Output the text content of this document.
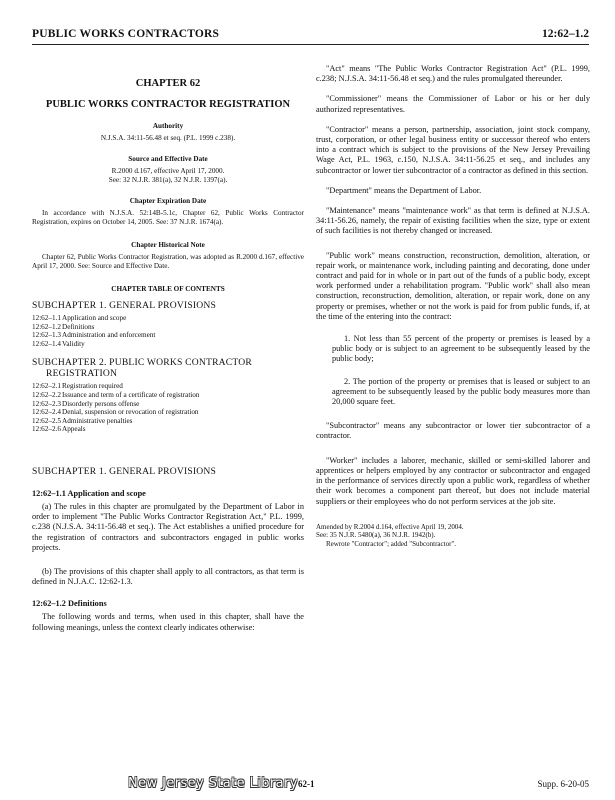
PUBLIC WORKS CONTRACTORS	12:62–1.2
CHAPTER 62
PUBLIC WORKS CONTRACTOR REGISTRATION
Authority
N.J.S.A. 34:11-56.48 et seq. (P.L. 1999 c.238).
Source and Effective Date
R.2000 d.167, effective April 17, 2000.
See: 32 N.J.R. 381(a), 32 N.J.R. 1397(a).
Chapter Expiration Date
In accordance with N.J.S.A. 52:14B-5.1c, Chapter 62, Public Works Contractor Registration, expires on October 14, 2005. See: 37 N.J.R. 1674(a).
Chapter Historical Note
Chapter 62, Public Works Contractor Registration, was adopted as R.2000 d.167, effective April 17, 2000. See: Source and Effective Date.
CHAPTER TABLE OF CONTENTS
SUBCHAPTER 1. GENERAL PROVISIONS
12:62–1.1 Application and scope
12:62–1.2 Definitions
12:62–1.3 Administration and enforcement
12:62–1.4 Validity
SUBCHAPTER 2. PUBLIC WORKS CONTRACTOR
REGISTRATION
12:62–2.1 Registration required
12:62–2.2 Issuance and term of a certificate of registration
12:62–2.3 Disorderly persons offense
12:62–2.4 Denial, suspension or revocation of registration
12:62–2.5 Administrative penalties
12:62–2.6 Appeals
SUBCHAPTER 1. GENERAL PROVISIONS
12:62–1.1 Application and scope

(a) The rules in this chapter are promulgated by the Department of Labor in order to implement "The Public Works Contractor Registration Act," P.L. 1999, c.238 (N.J.S.A. 34:11-56.48 et seq.). The Act establishes a unified procedure for the registration of contractors and subcontractors engaged in public works projects.

(b) The provisions of this chapter shall apply to all contractors, as that term is defined in N.J.A.C. 12:62-1.3.

12:62–1.2 Definitions

The following words and terms, when used in this chapter, shall have the following meanings, unless the context clearly indicates otherwise:

"Act" means "The Public Works Contractor Registration Act" (P.L. 1999, c.238; N.J.S.A. 34:11-56.48 et seq.) and the rules promulgated thereunder.

"Commissioner" means the Commissioner of Labor or his or her duly authorized representatives.

"Contractor" means a person, partnership, association, joint stock company, trust, corporation, or other legal business entity or successor thereof who enters into a contract which is subject to the provisions of the New Jersey Prevailing Wage Act, P.L. 1963, c.150, N.J.S.A. 34:11-56.25 et seq., and includes any subcontractor or lower tier subcontractor of a contractor as defined in this section.

"Department" means the Department of Labor.

"Maintenance" means "maintenance work" as that term is defined at N.J.S.A. 34:11-56.26, namely, the repair of existing facilities when the size, type or extent of such facilities is not thereby changed or increased.

"Public work" means construction, reconstruction, demolition, alteration, or repair work, or maintenance work, including painting and decorating, done under contract and paid for in whole or in part out of the funds of a public body, except work performed under a rehabilitation program. "Public work" shall also mean construction, reconstruction, demolition, alteration, or repair work, done on any property or premises, whether or not the work is paid for from public funds, if, at the time of the entering into the contract:

1. Not less than 55 percent of the property or premises is leased by a public body or is subject to an agreement to be subsequently leased by the public body;

2. The portion of the property or premises that is leased or subject to an agreement to be subsequently leased by the public body measures more than 20,000 square feet.

"Subcontractor" means any subcontractor or lower tier subcontractor of a contractor.

"Worker" includes a laborer, mechanic, skilled or semi-skilled laborer and apprentices or helpers employed by any contractor or subcontractor and engaged in the performance of services directly upon a public work, regardless of whether their work becomes a component part thereof, but does not include material suppliers or their employees who do not perform services at the job site.

Amended by R.2004 d.164, effective April 19, 2004.
See: 35 N.J.R. 5480(a), 36 N.J.R. 1942(b).
Rewrote "Contractor"; added "Subcontractor".
New Jersey State Library 62-1	Supp. 6-20-05
